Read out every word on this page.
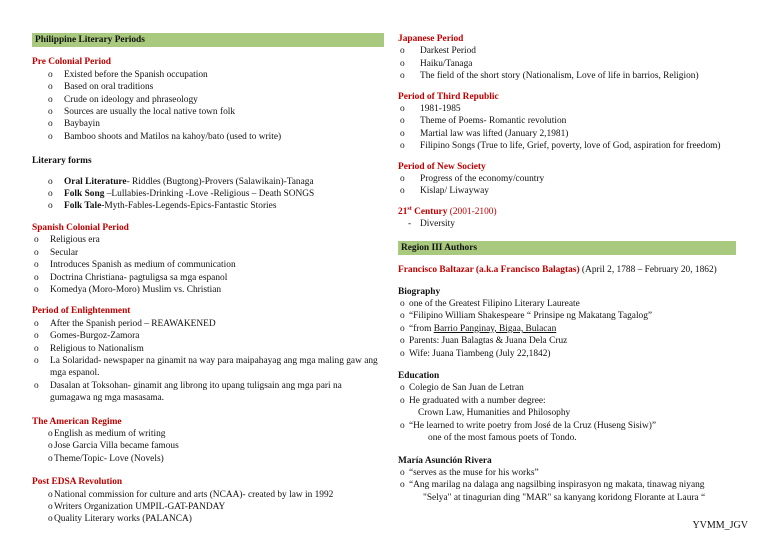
Philippine Literary Periods
Pre Colonial Period
o Existed before the Spanish occupation
o Based on oral traditions
o Crude on ideology and phraseology
o Sources are usually the local native town folk
o Baybayin
o Bamboo shoots and Matilos na kahoy/bato (used to write)
Literary forms
o Oral Literature- Riddles (Bugtong)-Provers (Salawikain)-Tanaga
o Folk Song –Lullabies-Drinking -Love -Religious – Death SONGS
o Folk Tale-Myth-Fables-Legends-Epics-Fantastic Stories
Spanish Colonial Period
o Religious era
o Secular
o Introduces Spanish as medium of communication
o Doctrina Christiana- pagtuligsa sa mga espanol
o Komedya (Moro-Moro) Muslim vs. Christian
Period of Enlightenment
o After the Spanish period – REAWAKENED
o Gomes-Burgoz-Zamora
o Religious to Nationalism
o La Solaridad- newspaper na ginamit na way para maipahayag ang mga maling gaw ang mga espanol.
o Dasalan at Toksohan- ginamit ang librong ito upang tuligsain ang mga pari na gumagawa ng mga masasama.
The American Regime
o English as medium of writing
o Jose Garcia Villa became famous
o Theme/Topic- Love (Novels)
Post EDSA Revolution
o National commission for culture and arts (NCAA)- created by law in 1992
o Writers Organization UMPIL-GAT-PANDAY
o Quality Literary works (PALANCA)
Japanese Period
o Darkest Period
o Haiku/Tanaga
o The field of the short story (Nationalism, Love of life in barrios, Religion)
Period of Third Republic
o 1981-1985
o Theme of Poems- Romantic revolution
o Martial law was lifted (January 2,1981)
o Filipino Songs (True to life, Grief, poverty, love of God, aspiration for freedom)
Period of New Society
o Progress of the economy/country
o Kislap/ Liwayway
21st Century (2001-2100)
- Diversity
Region III Authors
Francisco Baltazar (a.k.a Francisco Balagtas) (April 2, 1788 – February 20, 1862)
Biography
o one of the Greatest Filipino Literary Laureate
o “Filipino William Shakespeare “ Prinsipe ng Makatang Tagalog”
o “from Barrio Panginay, Bigaa, Bulacan
o Parents: Juan Balagtas & Juana Dela Cruz
o Wife: Juana Tiambeng (July 22,1842)
Education
o Colegio de San Juan de Letran
o He graduated with a number degree:
Crown Law, Humanities and Philosophy
o “He learned to write poetry from José de la Cruz (Huseng Sisiw)”
one of the most famous poets of Tondo.
María Asunción Rivera
o “serves as the muse for his works”
o “Ang marilag na dalaga ang nagsilbing inspirasyon ng makata, tinawag niyang
"Selya" at tinagurian ding "MAR" sa kanyang koridong Florante at Laura “
YVMM_JGV
